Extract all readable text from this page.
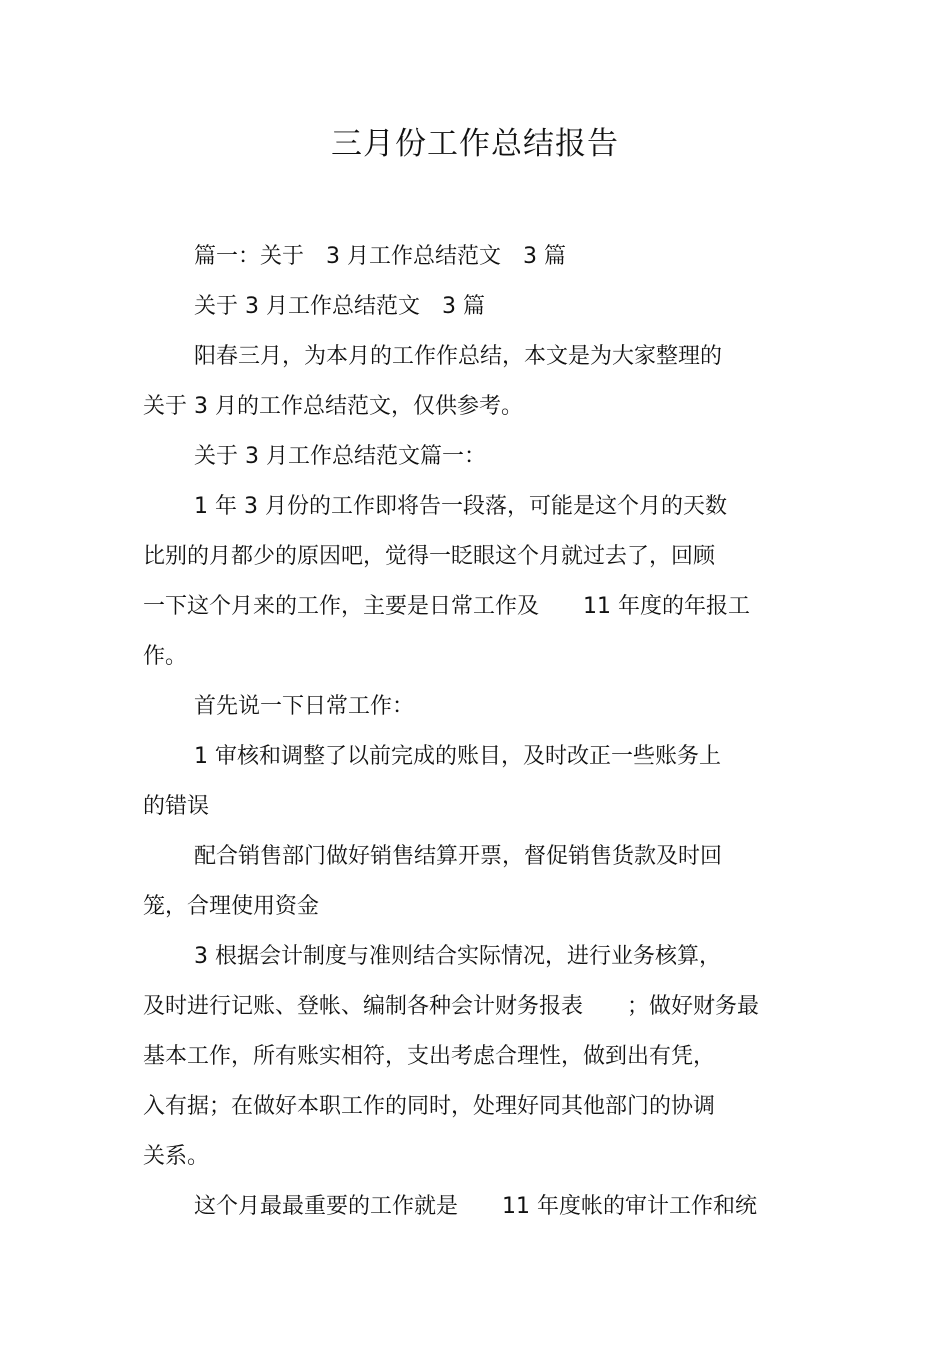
三月份工作总结报告
篇一：关于　3 月工作总结范文　3 篇
关于 3 月工作总结范文　3 篇
阳春三月，为本月的工作作总结，本文是为大家整理的
关于 3 月的工作总结范文，仅供参考。
关于 3 月工作总结范文篇一：
1 年 3 月份的工作即将告一段落，可能是这个月的天数
比别的月都少的原因吧，觉得一眨眼这个月就过去了，回顾
一下这个月来的工作，主要是日常工作及　　11 年度的年报工
作。
首先说一下日常工作：
1 审核和调整了以前完成的账目，及时改正一些账务上
的错误
配合销售部门做好销售结算开票，督促销售货款及时回
笼，合理使用资金
3 根据会计制度与准则结合实际情况，进行业务核算，
及时进行记账、登帐、编制各种会计财务报表　　；做好财务最
基本工作，所有账实相符，支出考虑合理性，做到出有凭，
入有据；在做好本职工作的同时，处理好同其他部门的协调
关系。
这个月最最重要的工作就是　　11 年度帐的审计工作和统
